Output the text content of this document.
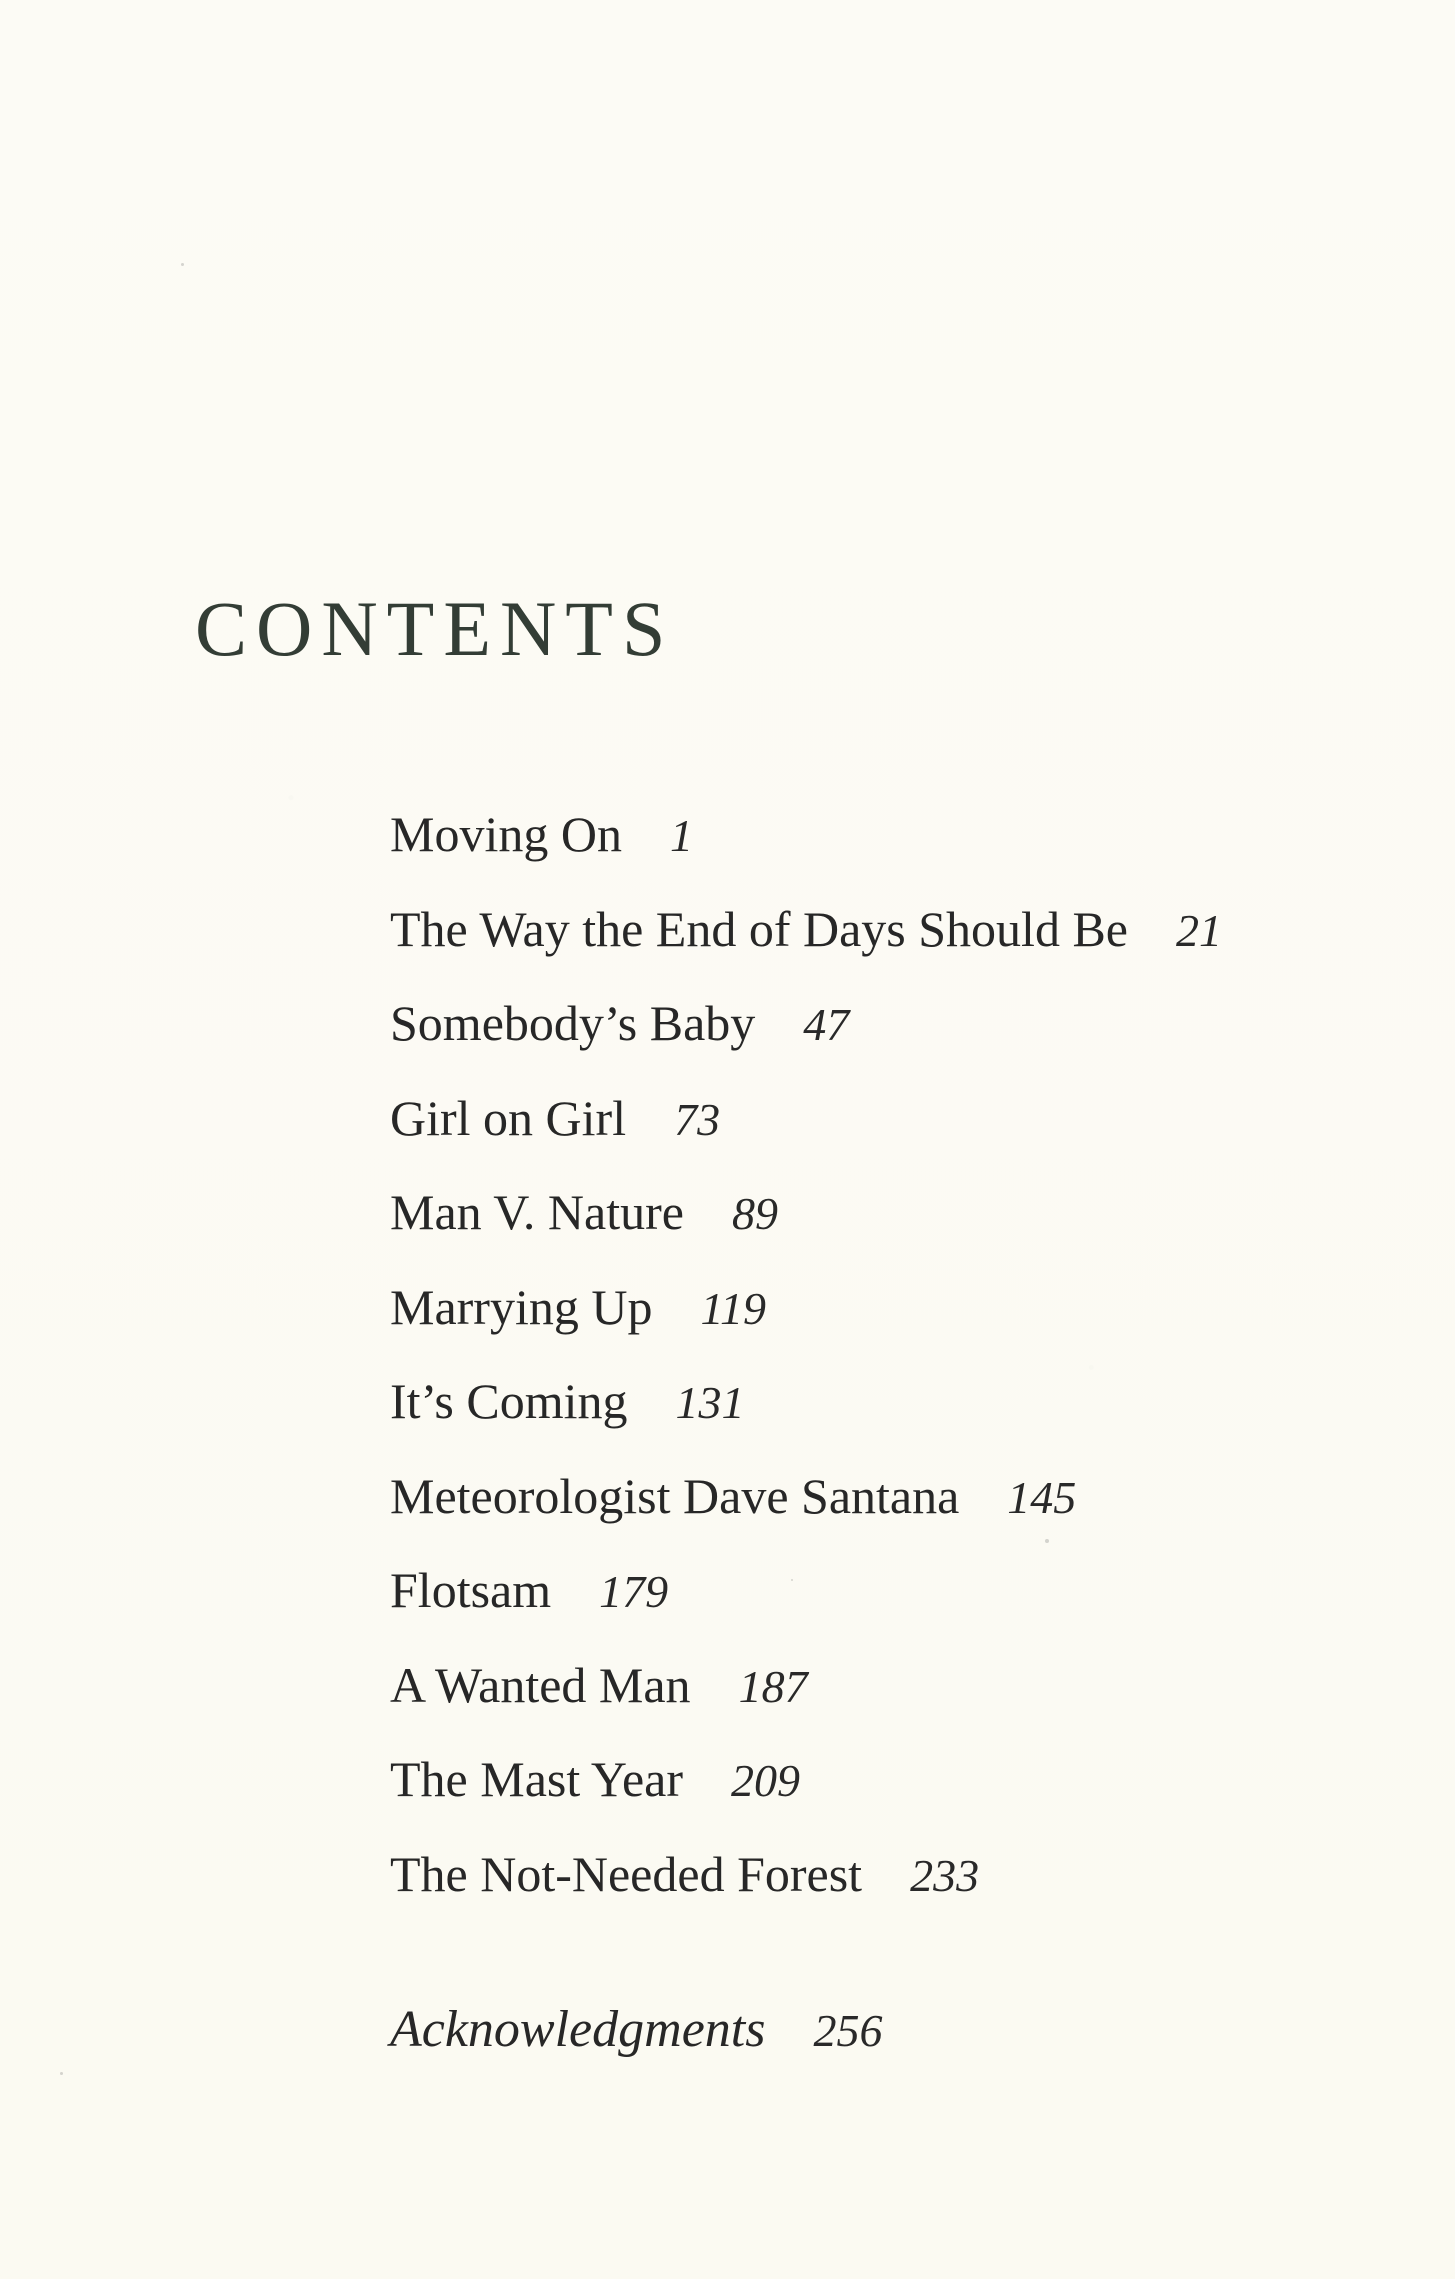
CONTENTS
Moving On 1
The Way the End of Days Should Be 21
Somebody’s Baby 47
Girl on Girl 73
Man V. Nature 89
Marrying Up 119
It’s Coming 131
Meteorologist Dave Santana 145
Flotsam 179
A Wanted Man 187
The Mast Year 209
The Not-Needed Forest 233
Acknowledgments 256
